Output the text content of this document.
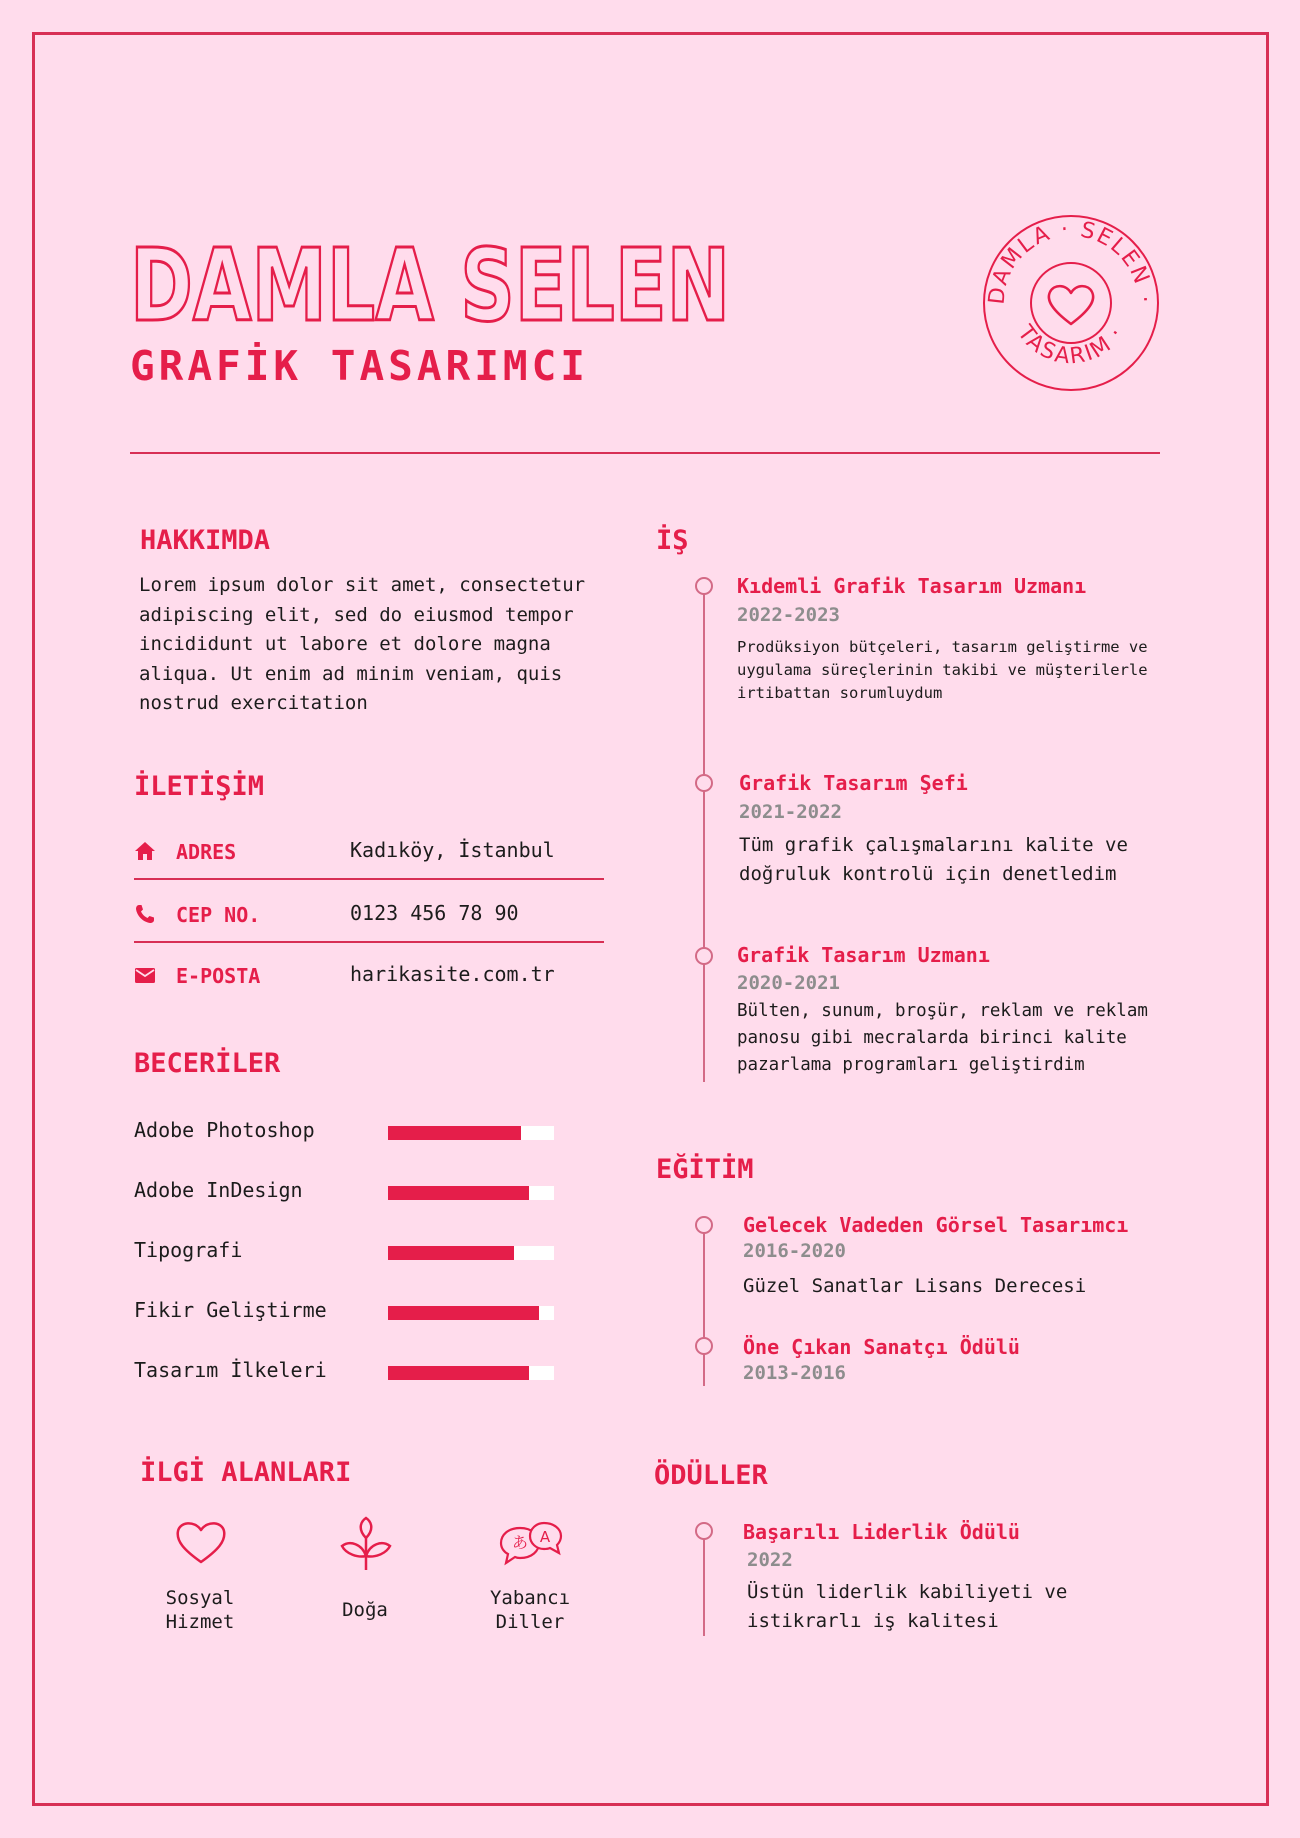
DAMLA SELEN
GRAFİK TASARIMCI
DAMLA · SELEN ·
TASARIM ·
HAKKIMDA
Lorem ipsum dolor sit amet, consectetur
adipiscing elit, sed do eiusmod tempor
incididunt ut labore et dolore magna
aliqua. Ut enim ad minim veniam, quis
nostrud exercitation
İLETİŞİM
ADRES	Kadıköy, İstanbul
CEP NO.	0123 456 78 90
E-POSTA	harikasite.com.tr
BECERİLER
Adobe Photoshop
Adobe InDesign
Tipografi
Fikir Geliştirme
Tasarım İlkeleri
İLGİ ALANLARI
Sosyal
Hizmet
Doğa
あ A
Yabancı
Diller
İŞ
Kıdemli Grafik Tasarım Uzmanı
2022-2023
Prodüksiyon bütçeleri, tasarım geliştirme ve
uygulama süreçlerinin takibi ve müşterilerle
irtibattan sorumluydum
Grafik Tasarım Şefi
2021-2022
Tüm grafik çalışmalarını kalite ve
doğruluk kontrolü için denetledim
Grafik Tasarım Uzmanı
2020-2021
Bülten, sunum, broşür, reklam ve reklam
panosu gibi mecralarda birinci kalite
pazarlama programları geliştirdim
EĞİTİM
Gelecek Vadeden Görsel Tasarımcı
2016-2020
Güzel Sanatlar Lisans Derecesi
Öne Çıkan Sanatçı Ödülü
2013-2016
ÖDÜLLER
Başarılı Liderlik Ödülü
2022
Üstün liderlik kabiliyeti ve
istikrarlı iş kalitesi
